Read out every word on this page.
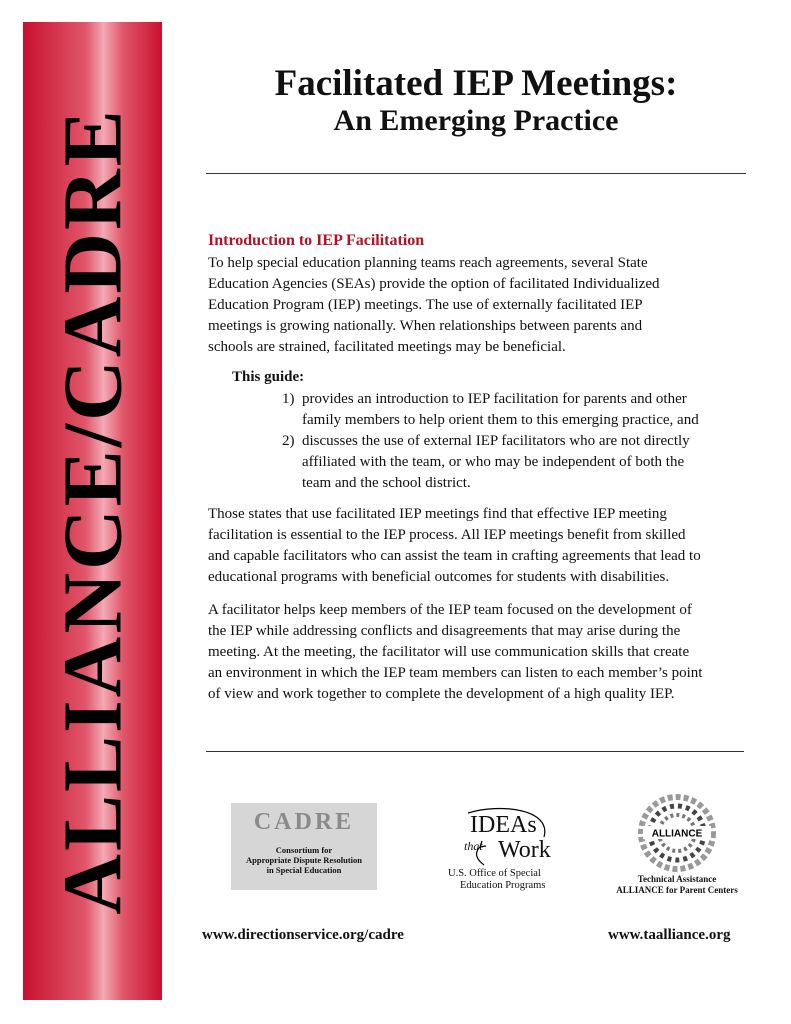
ALLIANCE/CADRE
Facilitated IEP Meetings:
An Emerging Practice
Introduction to IEP Facilitation
To help special education planning teams reach agreements, several State
Education Agencies (SEAs) provide the option of facilitated Individualized
Education Program (IEP) meetings. The use of externally facilitated IEP
meetings is growing nationally. When relationships between parents and
schools are strained, facilitated meetings may be beneficial.
This guide:
1) provides an introduction to IEP facilitation for parents and other
family members to help orient them to this emerging practice, and
2) discusses the use of external IEP facilitators who are not directly
affiliated with the team, or who may be independent of both the
team and the school district.
Those states that use facilitated IEP meetings find that effective IEP meeting
facilitation is essential to the IEP process. All IEP meetings benefit from skilled
and capable facilitators who can assist the team in crafting agreements that lead to
educational programs with beneficial outcomes for students with disabilities.
A facilitator helps keep members of the IEP team focused on the development of
the IEP while addressing conflicts and disagreements that may arise during the
meeting. At the meeting, the facilitator will use communication skills that create
an environment in which the IEP team members can listen to each member’s point
of view and work together to complete the development of a high quality IEP.
CADRE
Consortium for
Appropriate Dispute Resolution
in Special Education
IDEAs
that Work
U.S. Office of Special
Education Programs
ALLIANCE
Technical Assistance
ALLIANCE for Parent Centers
www.directionservice.org/cadre	www.taalliance.org
